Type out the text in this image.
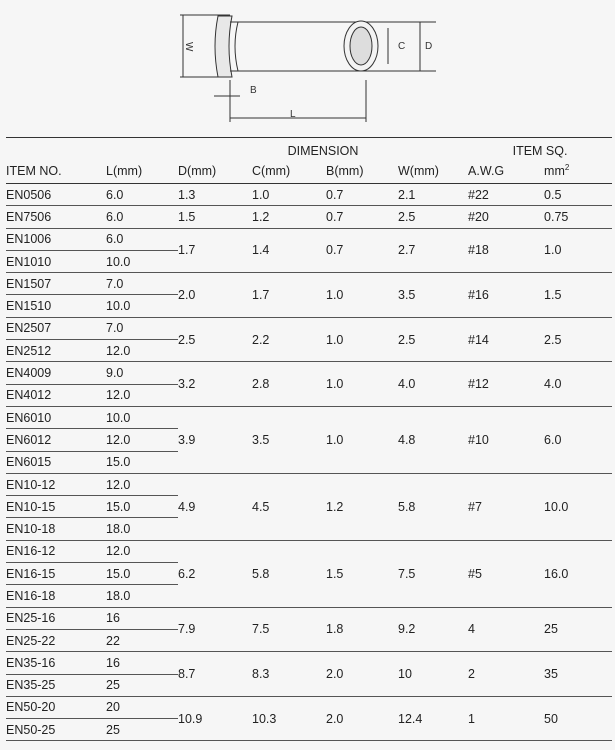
W
B
L
C D
		DIMENSION				ITEM SQ.	
ITEM NO.	L(mm)	D(mm)	C(mm)	B(mm)	W(mm)	A.W.G	$mm^2$
EN0506	6.0	1.3	1.0	0.7	2.1	#22	0.5
EN7506	6.0	1.5	1.2	0.7	2.5	#20	0.75
EN1006	6.0	1.7	1.4	0.7	2.7	#18	1.0
EN1010	10.0						
EN1507	7.0	2.0	1.7	1.0	3.5	#16	1.5
EN1510	10.0						
EN2507	7.0	2.5	2.2	1.0	2.5	#14	2.5
EN2512	12.0						
EN4009	9.0	3.2	2.8	1.0	4.0	#12	4.0
EN4012	12.0						
EN6010	10.0	3.9	3.5	1.0	4.8	#10	6.0
EN6012	12.0						
EN6015	15.0						
EN10-12	12.0	4.9	4.5	1.2	5.8	#7	10.0
EN10-15	15.0						
EN10-18	18.0						
EN16-12	12.0	6.2	5.8	1.5	7.5	#5	16.0
EN16-15	15.0						
EN16-18	18.0						
EN25-16	16	7.9	7.5	1.8	9.2	4	25
EN25-22	22						
EN35-16	16	8.7	8.3	2.0	10	2	35
EN35-25	25						
EN50-20	20	10.9	10.3	2.0	12.4	1	50
EN50-25	25						
